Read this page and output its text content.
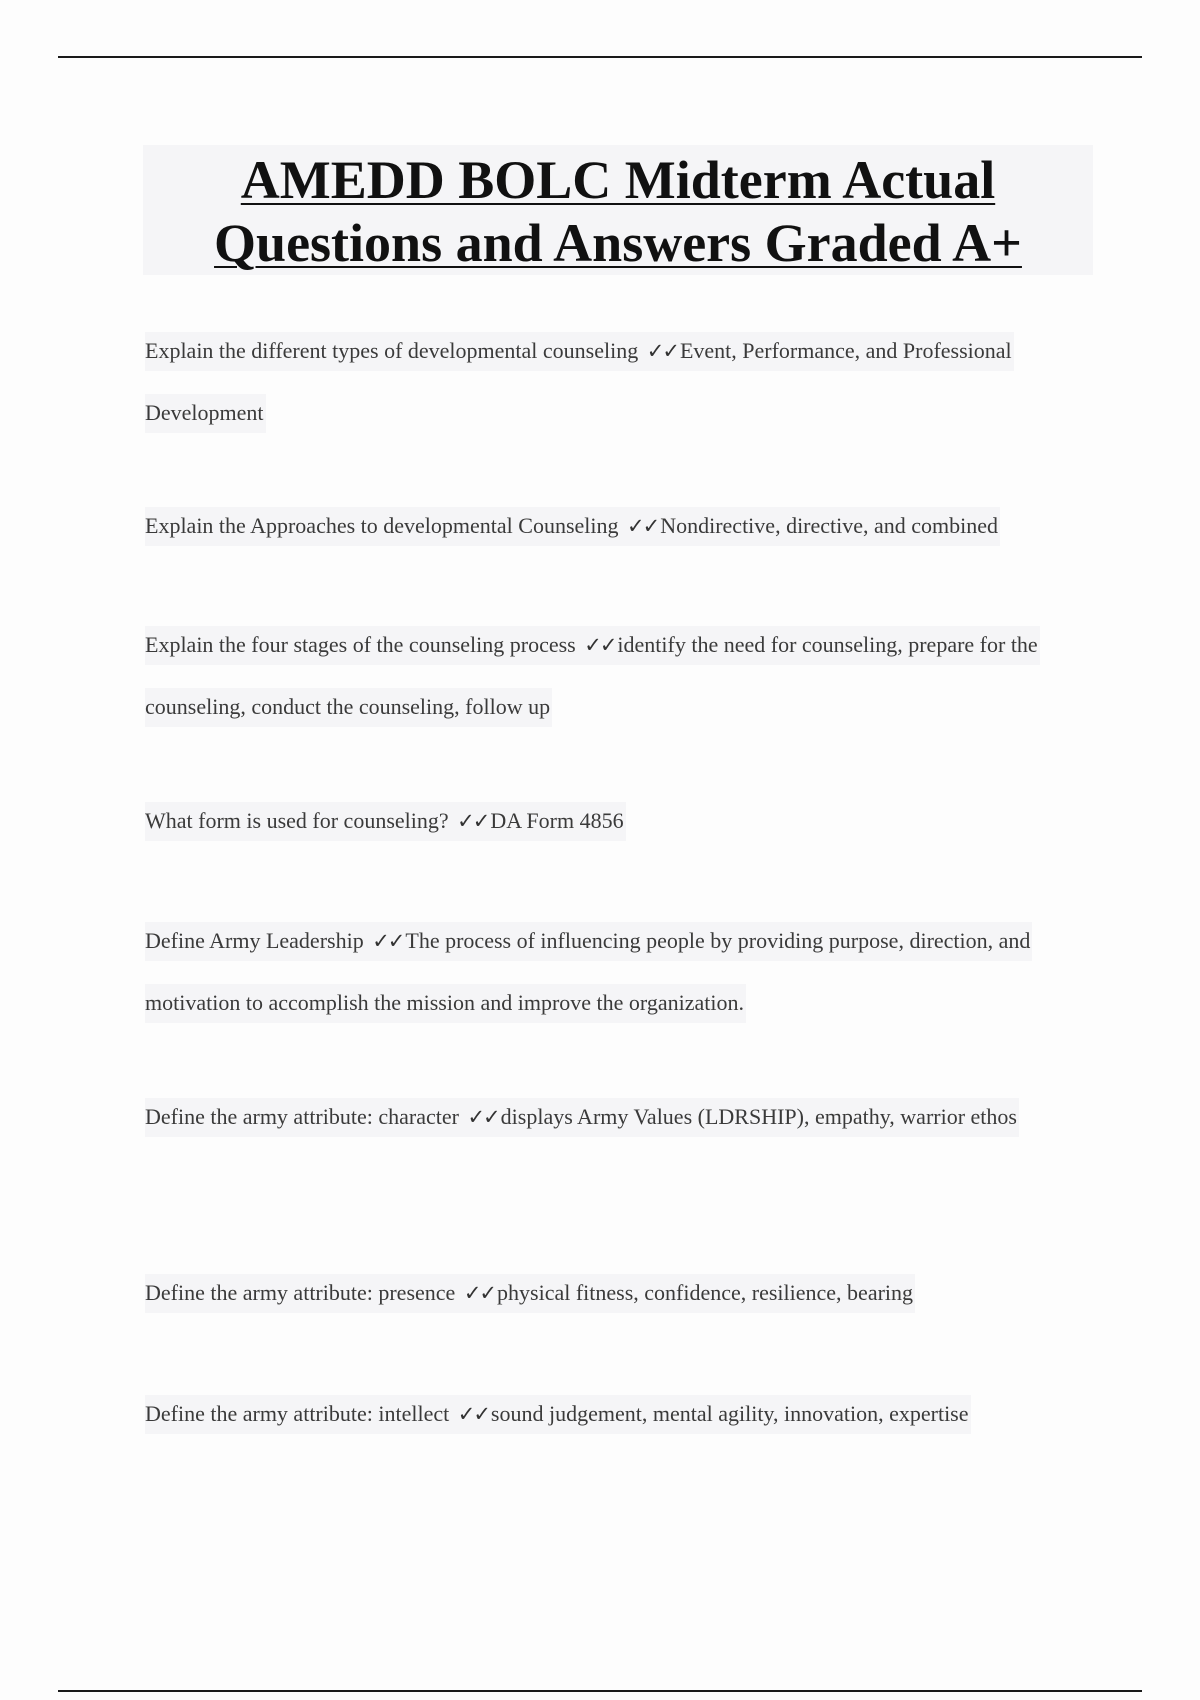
AMEDD BOLC Midterm Actual
Questions and Answers Graded A+
Explain the different types of developmental counseling ✓✓Event, Performance, and Professional Development
Explain the Approaches to developmental Counseling ✓✓Nondirective, directive, and combined
Explain the four stages of the counseling process ✓✓identify the need for counseling, prepare for the counseling, conduct the counseling, follow up
What form is used for counseling? ✓✓DA Form 4856
Define Army Leadership ✓✓The process of influencing people by providing purpose, direction, and motivation to accomplish the mission and improve the organization.
Define the army attribute: character ✓✓displays Army Values (LDRSHIP), empathy, warrior ethos
Define the army attribute: presence ✓✓physical fitness, confidence, resilience, bearing
Define the army attribute: intellect ✓✓sound judgement, mental agility, innovation, expertise
